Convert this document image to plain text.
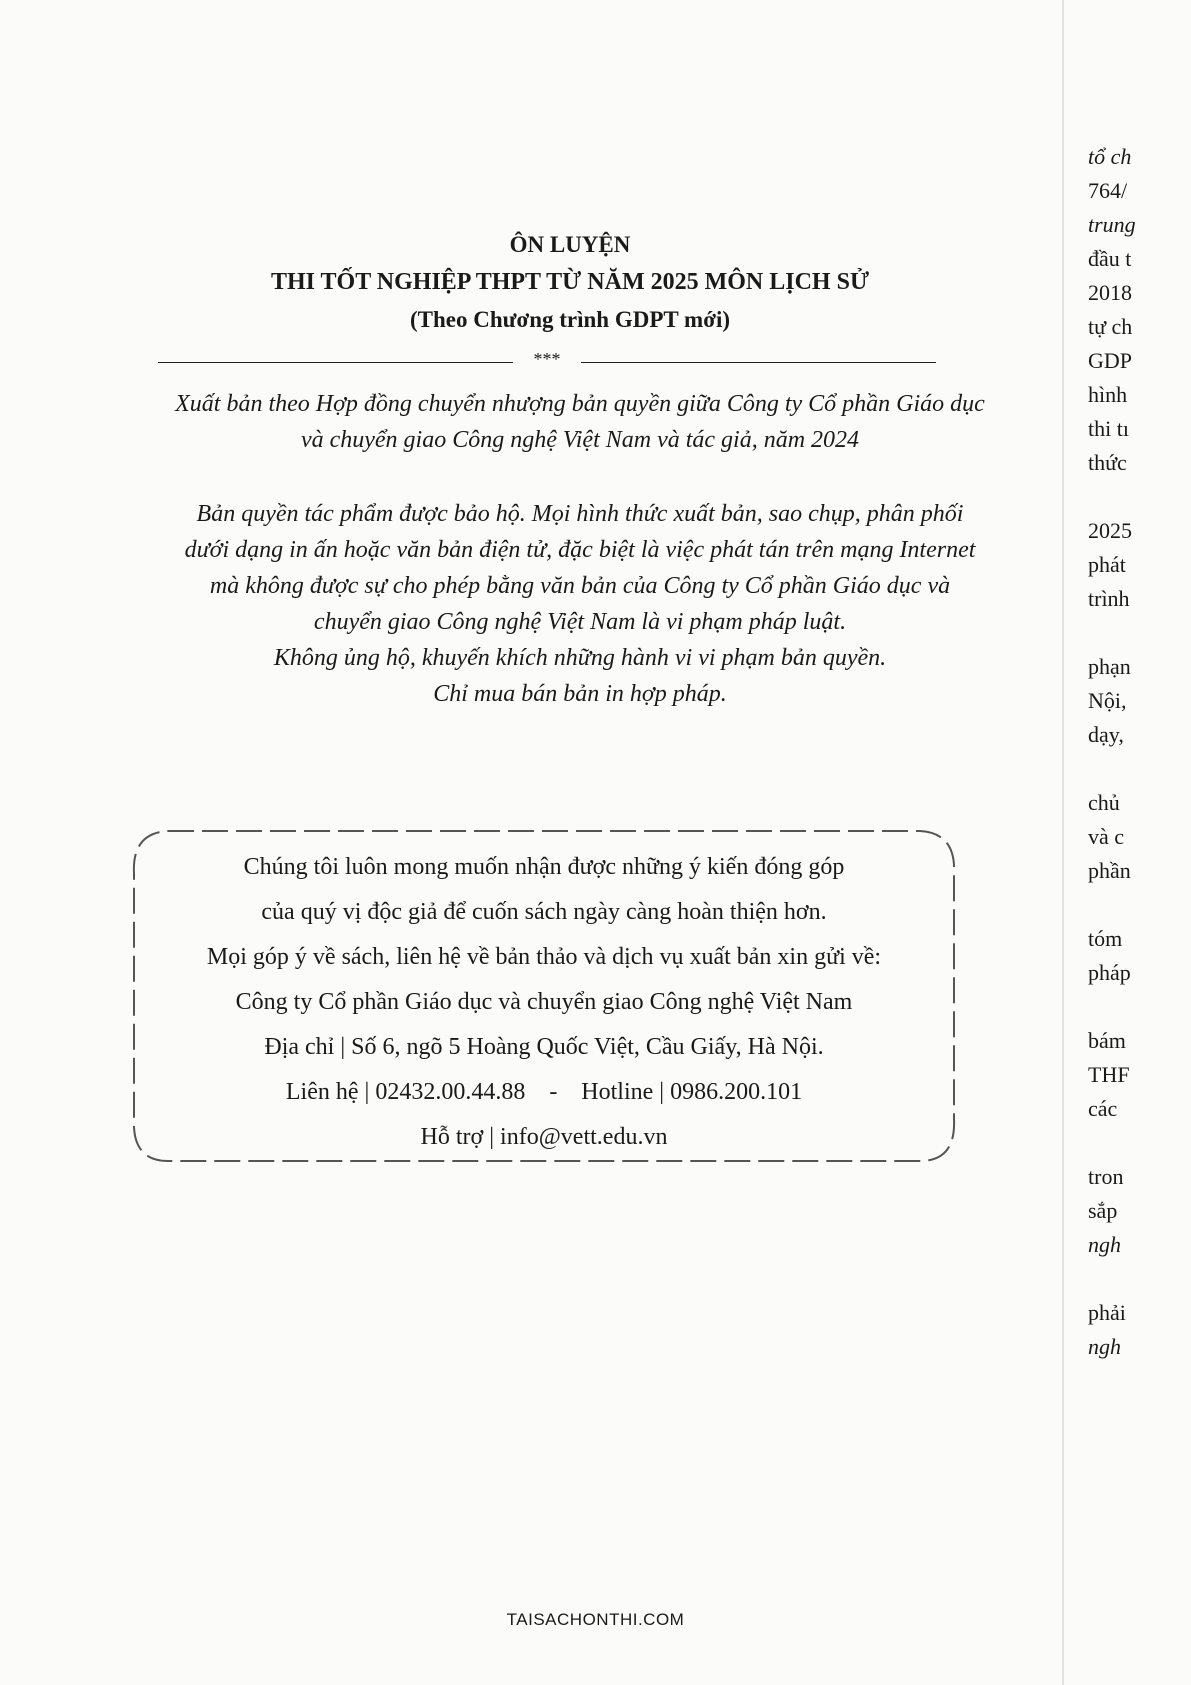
tổ ch
764/
trung
đầu t
2018
tự ch
GDP
hình
thi tı
thức
2025
phát
trình
phạn
Nội,
dạy,
chủ
và c
phần
tóm
pháp
bám
THF
các
tron
sắp
ngh
phải
ngh
ÔN LUYỆN
THI TỐT NGHIỆP THPT TỪ NĂM 2025 MÔN LỊCH SỬ
(Theo Chương trình GDPT mới)
***
Xuất bản theo Hợp đồng chuyển nhượng bản quyền giữa Công ty Cổ phần Giáo dục
và chuyển giao Công nghệ Việt Nam và tác giả, năm 2024
Bản quyền tác phẩm được bảo hộ. Mọi hình thức xuất bản, sao chụp, phân phối
dưới dạng in ấn hoặc văn bản điện tử, đặc biệt là việc phát tán trên mạng Internet
mà không được sự cho phép bằng văn bản của Công ty Cổ phần Giáo dục và
chuyển giao Công nghệ Việt Nam là vi phạm pháp luật.
Không ủng hộ, khuyến khích những hành vi vi phạm bản quyền.
Chỉ mua bán bản in hợp pháp.
Chúng tôi luôn mong muốn nhận được những ý kiến đóng góp
của quý vị độc giả để cuốn sách ngày càng hoàn thiện hơn.
Mọi góp ý về sách, liên hệ về bản thảo và dịch vụ xuất bản xin gửi về:
Công ty Cổ phần Giáo dục và chuyển giao Công nghệ Việt Nam
Địa chỉ | Số 6, ngõ 5 Hoàng Quốc Việt, Cầu Giấy, Hà Nội.
Liên hệ | 02432.00.44.88    -    Hotline | 0986.200.101
Hỗ trợ | info@vett.edu.vn
TAISACHONTHI.COM
